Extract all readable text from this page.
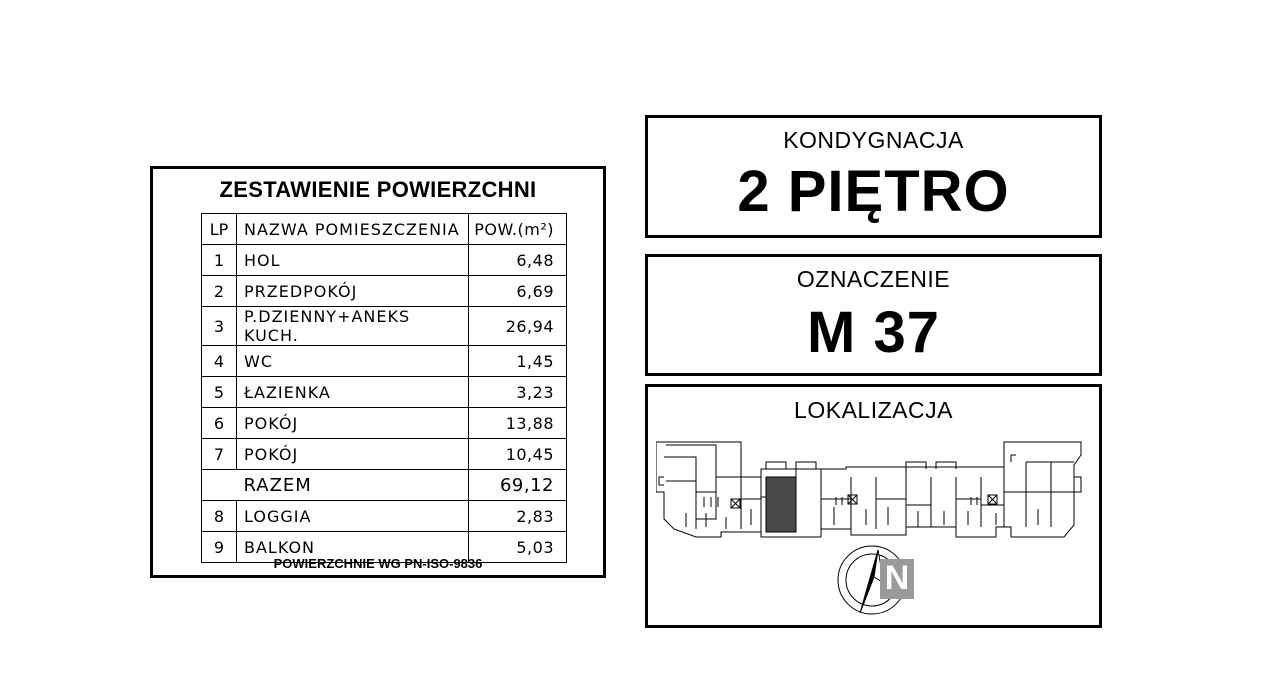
ZESTAWIENIE POWIERZCHNI
LP	NAZWA POMIESZCZENIA	POW.(m²)
1	HOL	6,48
2	PRZEDPOKÓJ	6,69
3	P.DZIENNY+ANEKS KUCH.	26,94
4	WC	1,45
5	ŁAZIENKA	3,23
6	POKÓJ	13,88
7	POKÓJ	10,45
	RAZEM	69,12
8	LOGGIA	2,83
9	BALKON	5,03
POWIERZCHNIE WG PN-ISO-9836
KONDYGNACJA
2 PIĘTRO
OZNACZENIE
M 37
LOKALIZACJA
N
